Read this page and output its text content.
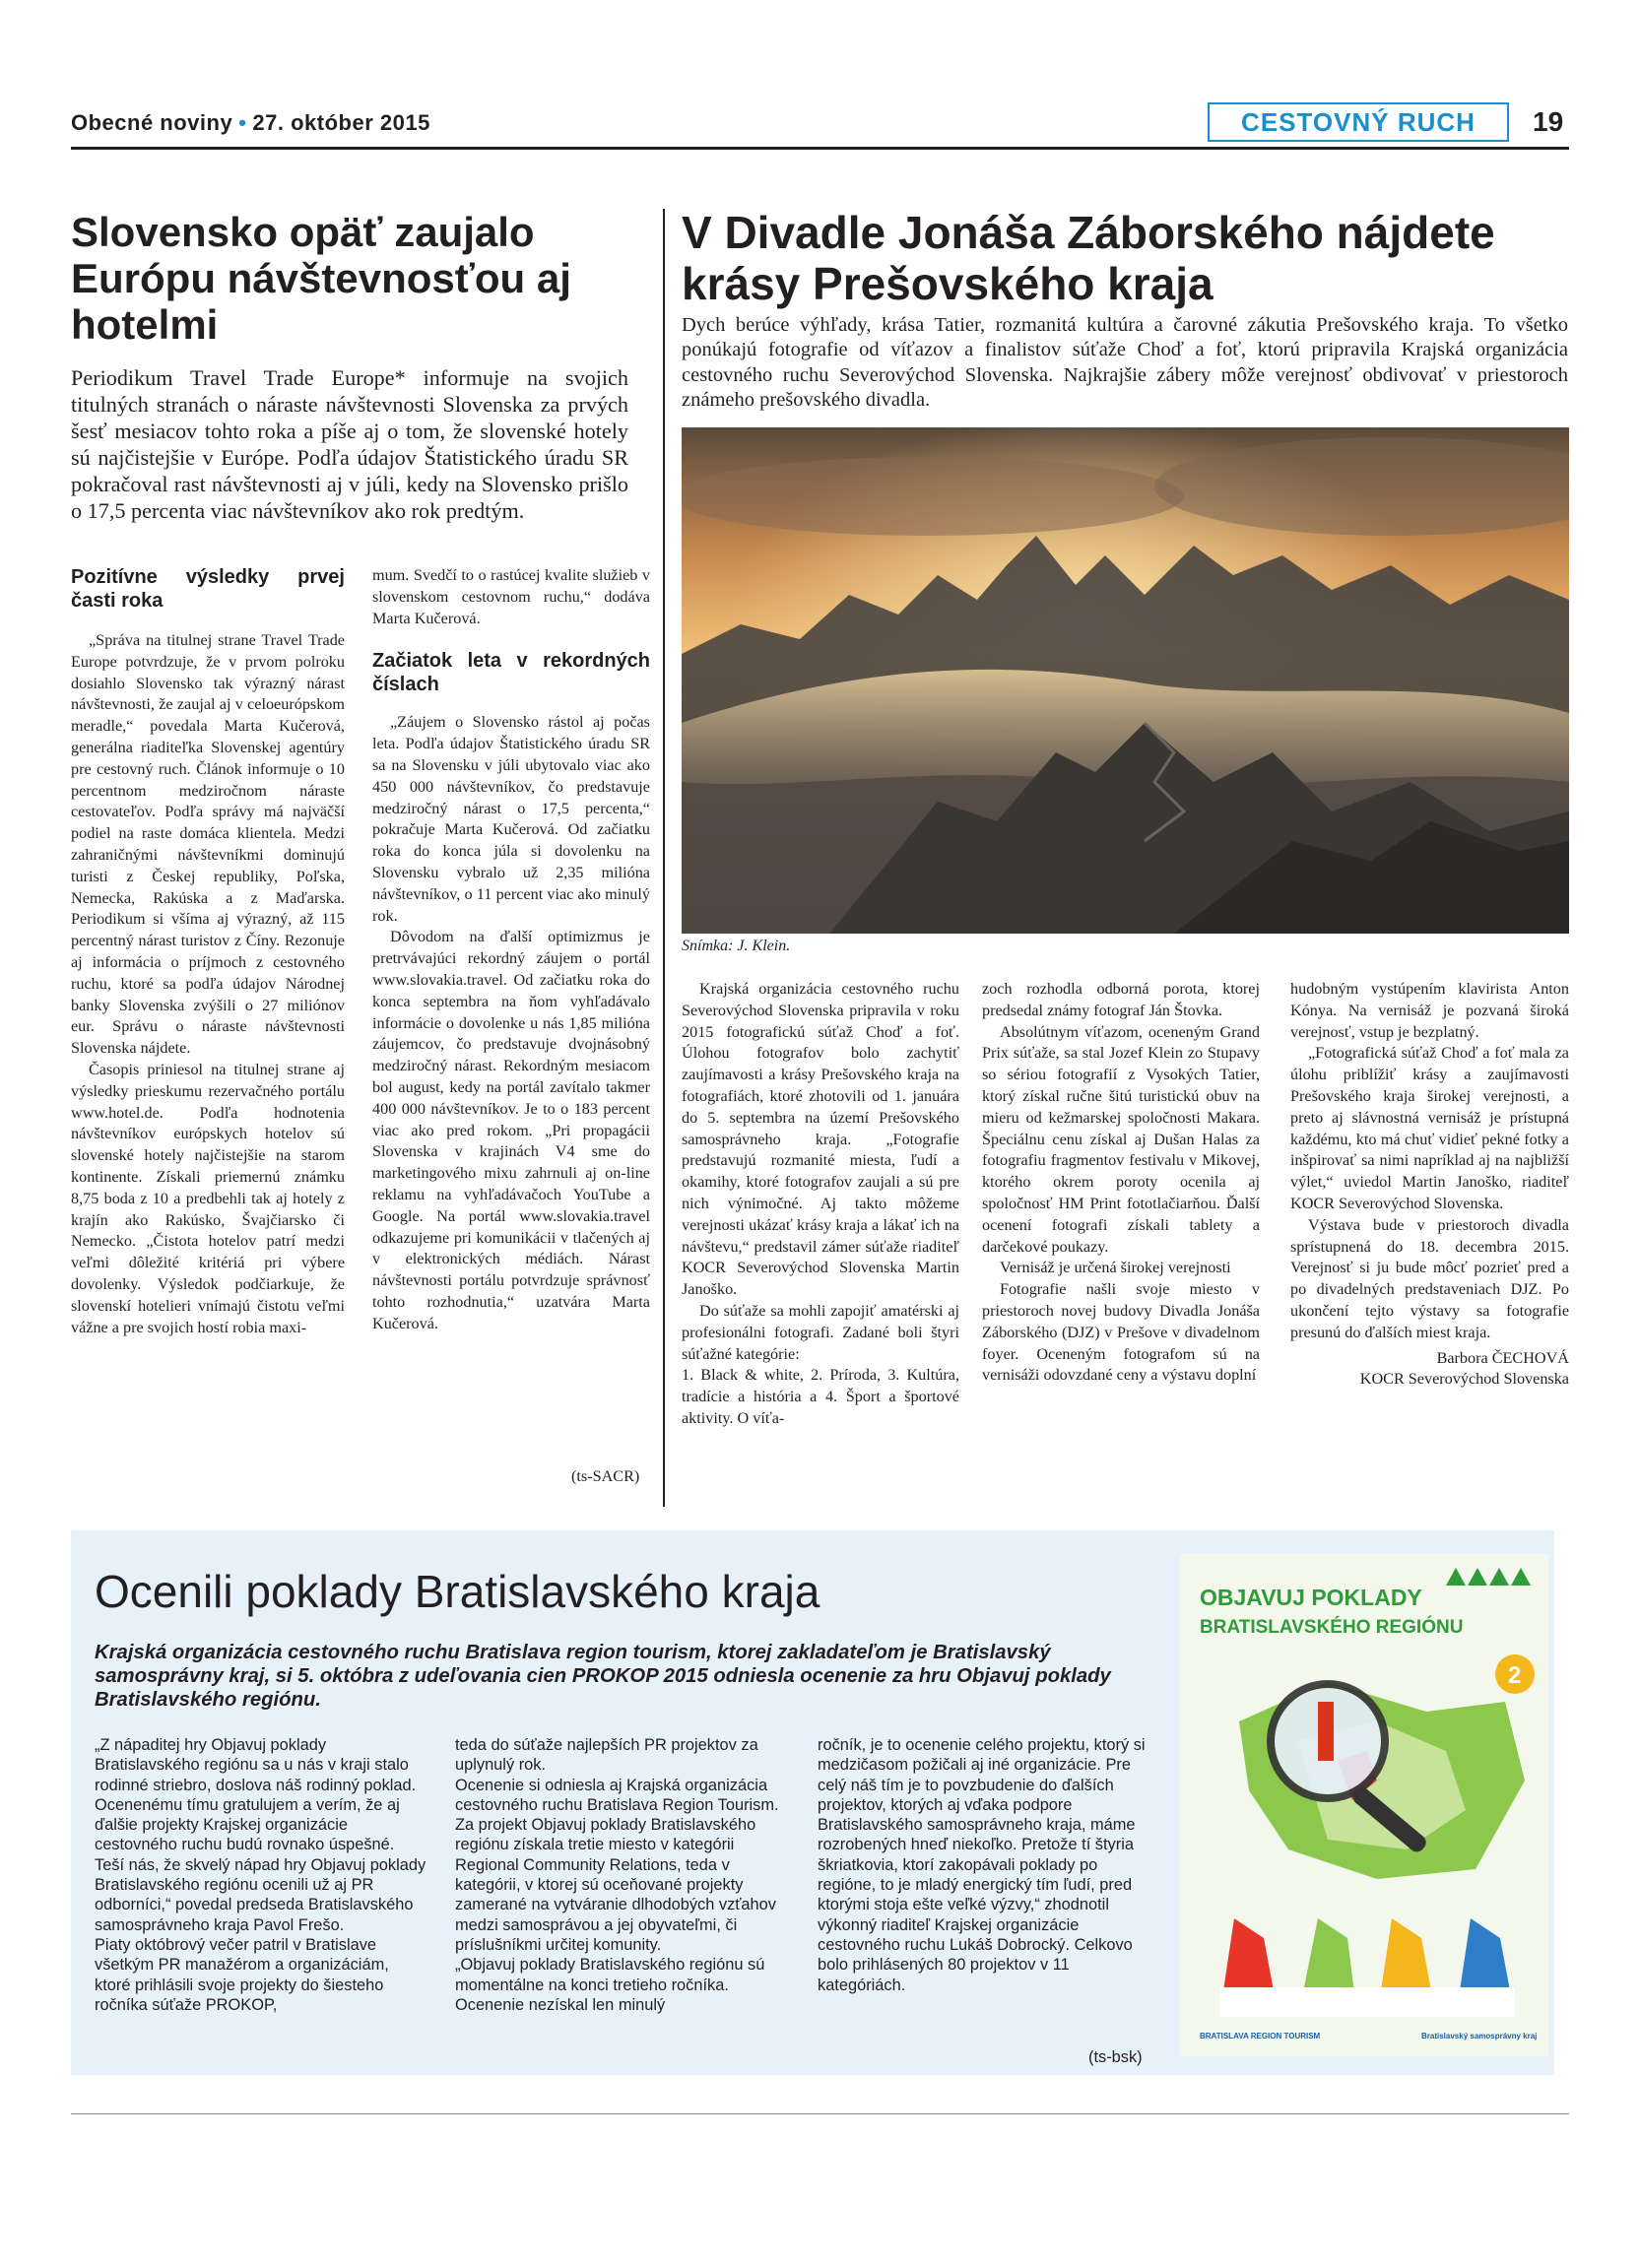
Obecné noviny • 27. október 2015	CESTOVNÝ RUCH	19
Slovensko opäť zaujalo Európu návštevnosťou aj hotelmi
Periodikum Travel Trade Europe* informuje na svojich titulných stranách o náraste návštevnosti Slovenska za prvých šesť mesiacov tohto roka a píše aj o tom, že slovenské hotely sú najčistejšie v Európe. Podľa údajov Štatistického úradu SR pokračoval rast návštevnosti aj v júli, kedy na Slovensko prišlo o 17,5 percenta viac návštevníkov ako rok predtým.

Pozitívne výsledky prvej časti roka

„Správa na titulnej strane Travel Trade Europe potvrdzuje, že v prvom polroku dosiahlo Slovensko tak výrazný nárast návštevnosti, že zaujal aj v celoeurópskom meradle,“ povedala Marta Kučerová, generálna riaditeľka Slovenskej agentúry pre cestovný ruch. Článok informuje o 10 percentnom medziročnom náraste cestovateľov. Podľa správy má najväčší podiel na raste domáca klientela. Medzi zahraničnými návštevníkmi dominujú turisti z Českej republiky, Poľska, Nemecka, Rakúska a z Maďarska. Periodikum si všíma aj výrazný, až 115 percentný nárast turistov z Číny. Rezonuje aj informácia o príjmoch z cestovného ruchu, ktoré sa podľa údajov Národnej banky Slovenska zvýšili o 27 miliónov eur. Správu o náraste návštevnosti Slovenska nájdete.

Časopis priniesol na titulnej strane aj výsledky prieskumu rezervačného portálu www.hotel.de. Podľa hodnotenia návštevníkov európskych hotelov sú slovenské hotely najčistejšie na starom kontinente. Získali priemernú známku 8,75 boda z 10 a predbehli tak aj hotely z krajín ako Rakúsko, Švajčiarsko či Nemecko. „Čistota hotelov patrí medzi veľmi dôležité kritériá pri výbere dovolenky. Výsledok podčiarkuje, že slovenskí hotelieri vnímajú čistotu veľmi vážne a pre svojich hostí robia maxi-

mum. Svedčí to o rastúcej kvalite služieb v slovenskom cestovnom ruchu,“ dodáva Marta Kučerová.

Začiatok leta v rekordných číslach

„Záujem o Slovensko rástol aj počas leta. Podľa údajov Štatistického úradu SR sa na Slovensku v júli ubytovalo viac ako 450 000 návštevníkov, čo predstavuje medziročný nárast o 17,5 percenta,“ pokračuje Marta Kučerová. Od začiatku roka do konca júla si dovolenku na Slovensku vybralo už 2,35 milióna návštevníkov, o 11 percent viac ako minulý rok.

Dôvodom na ďalší optimizmus je pretrvávajúci rekordný záujem o portál www.slovakia.travel. Od začiatku roka do konca septembra na ňom vyhľadávalo informácie o dovolenke u nás 1,85 milióna záujemcov, čo predstavuje dvojnásobný medziročný nárast. Rekordným mesiacom bol august, kedy na portál zavítalo takmer 400 000 návštevníkov. Je to o 183 percent viac ako pred rokom. „Pri propagácii Slovenska v krajinách V4 sme do marketingového mixu zahrnuli aj on-line reklamu na vyhľadávačoch YouTube a Google. Na portál www.slovakia.travel odkazujeme pri komunikácii v tlačených aj v elektronických médiách. Nárast návštevnosti portálu potvrdzuje správnosť tohto rozhodnutia,“ uzatvára Marta Kučerová.

(ts-SACR)
V Divadle Jonáša Záborského nájdete krásy Prešovského kraja
Dych berúce výhľady, krása Tatier, rozmanitá kultúra a čarovné zákutia Prešovského kraja. To všetko ponúkajú fotografie od víťazov a finalistov súťaže Choď a foť, ktorú pripravila Krajská organizácia cestovného ruchu Severovýchod Slovenska. Najkrajšie zábery môže verejnosť obdivovať v priestoroch známeho prešovského divadla.
Snímka: J. Klein.

Krajská organizácia cestovného ruchu Severovýchod Slovenska pripravila v roku 2015 fotografickú súťaž Choď a foť. Úlohou fotografov bolo zachytiť zaujímavosti a krásy Prešovského kraja na fotografiách, ktoré zhotovili od 1. januára do 5. septembra na území Prešovského samosprávneho kraja. „Fotografie predstavujú rozmanité miesta, ľudí a okamihy, ktoré fotografov zaujali a sú pre nich výnimočné. Aj takto môžeme verejnosti ukázať krásy kraja a lákať ich na návštevu,“ predstavil zámer súťaže riaditeľ KOCR Severovýchod Slovenska Martin Janoško.

Do súťaže sa mohli zapojiť amatérski aj profesionálni fotografi. Zadané boli štyri súťažné kategórie:

1. Black & white, 2. Príroda, 3. Kultúra, tradície a história a 4. Šport a športové aktivity. O víťa-

zoch rozhodla odborná porota, ktorej predsedal známy fotograf Ján Štovka.

Absolútnym víťazom, oceneným Grand Prix súťaže, sa stal Jozef Klein zo Stupavy so sériou fotografií z Vysokých Tatier, ktorý získal ručne šitú turistickú obuv na mieru od kežmarskej spoločnosti Makara. Špeciálnu cenu získal aj Dušan Halas za fotografiu fragmentov festivalu v Mikovej, ktorého okrem poroty ocenila aj spoločnosť HM Print fototlačiarňou. Ďalší ocenení fotografi získali tablety a darčekové poukazy.

Vernisáž je určená širokej verejnosti

Fotografie našli svoje miesto v priestoroch novej budovy Divadla Jonáša Záborského (DJZ) v Prešove v divadelnom foyer. Oceneným fotografom sú na vernisáži odovzdané ceny a výstavu doplní

hudobným vystúpením klavirista Anton Kónya. Na vernisáž je pozvaná široká verejnosť, vstup je bezplatný.

„Fotografická súťaž Choď a foť mala za úlohu priblížiť krásy a zaujímavosti Prešovského kraja širokej verejnosti, a preto aj slávnostná vernisáž je prístupná každému, kto má chuť vidieť pekné fotky a inšpirovať sa nimi napríklad aj na najbližší výlet,“ uviedol Martin Janoško, riaditeľ KOCR Severovýchod Slovenska.

Výstava bude v priestoroch divadla sprístupnená do 18. decembra 2015. Verejnosť si ju bude môcť pozrieť pred a po divadelných predstaveniach DJZ. Po ukončení tejto výstavy sa fotografie presunú do ďalších miest kraja.

Barbora ČECHOVÁ

KOCR Severovýchod Slovenska

Ocenili poklady Bratislavského kraja
Krajská organizácia cestovného ruchu Bratislava region tourism, ktorej zakladateľom je Bratislavský samosprávny kraj, si 5. októbra z udeľovania cien PROKOP 2015 odniesla ocenenie za hru Objavuj poklady Bratislavského regiónu.

„Z nápaditej hry Objavuj poklady Bratislavského regiónu sa u nás v kraji stalo rodinné striebro, doslova náš rodinný poklad. Ocenenému tímu gratulujem a verím, že aj ďalšie projekty Krajskej organizácie cestovného ruchu budú rovnako úspešné. Teší nás, že skvelý nápad hry Objavuj poklady Bratislavského regiónu ocenili už aj PR odborníci,“ povedal predseda Bratislavského samosprávneho kraja Pavol Frešo.

Piaty októbrový večer patril v Bratislave všetkým PR manažérom a organizáciám, ktoré prihlásili svoje projekty do šiesteho ročníka súťaže PROKOP,

teda do súťaže najlepších PR projektov za uplynulý rok.

Ocenenie si odniesla aj Krajská organizácia cestovného ruchu Bratislava Region Tourism. Za projekt Objavuj poklady Bratislavského regiónu získala tretie miesto v kategórii Regional Community Relations, teda v kategórii, v ktorej sú oceňované projekty zamerané na vytváranie dlhodobých vzťahov medzi samosprávou a jej obyvateľmi, či príslušníkmi určitej komunity.

„Objavuj poklady Bratislavského regiónu sú momentálne na konci tretieho ročníka. Ocenenie nezískal len minulý

ročník, je to ocenenie celého projektu, ktorý si medzičasom požičali aj iné organizácie. Pre celý náš tím je to povzbudenie do ďalších projektov, ktorých aj vďaka podpore Bratislavského samosprávneho kraja, máme rozrobených hneď niekoľko. Pretože tí štyria škriatkovia, ktorí zakopávali poklady po regióne, to je mladý energický tím ľudí, pred ktorými stoja ešte veľké výzvy,“ zhodnotil výkonný riaditeľ Krajskej organizácie cestovného ruchu Lukáš Dobrocký. Celkovo bolo prihlásených 80 projektov v 11 kategóriách.

(ts-bsk)
OBJAVUJ POKLADY
BRATISLAVSKÉHO REGIÓNU
2
BRATISLAVA REGION TOURISM	Bratislavský samosprávny kraj
